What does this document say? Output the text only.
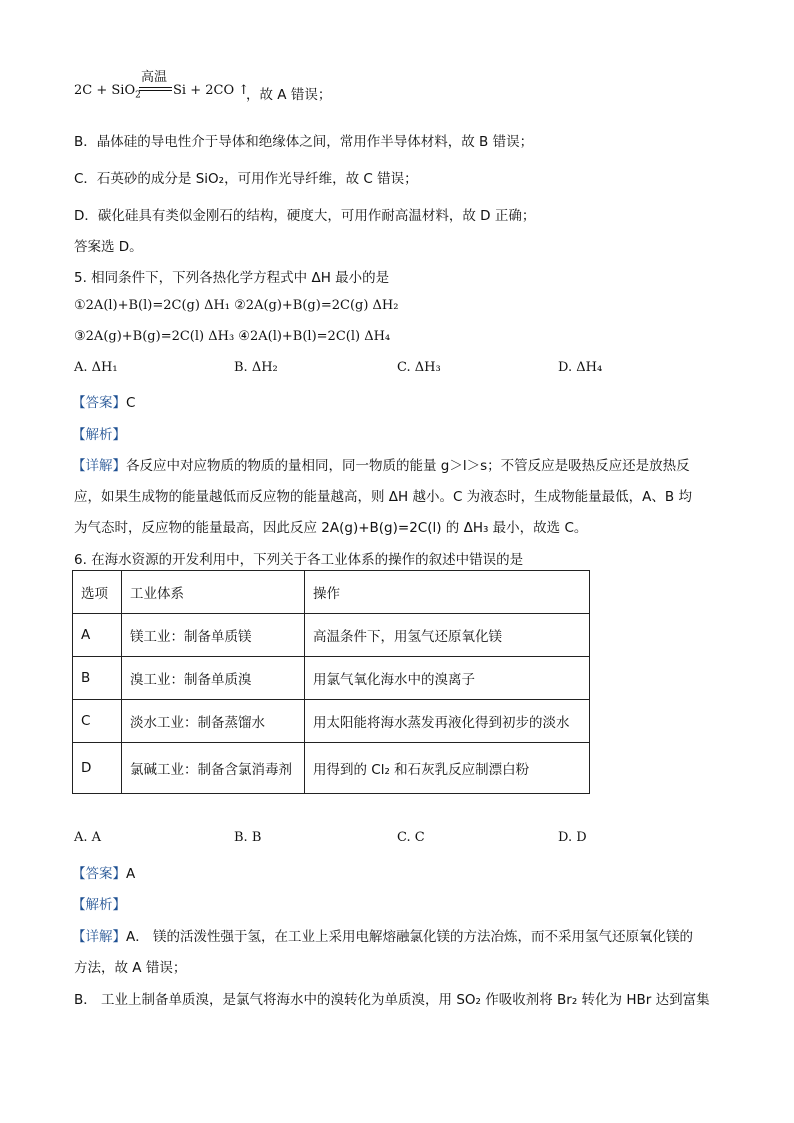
2C + SiO$_2$
高温
Si + 2CO ↑
，故 A 错误；
B．晶体硅的导电性介于导体和绝缘体之间，常用作半导体材料，故 B 错误；
C．石英砂的成分是 SiO₂，可用作光导纤维，故 C 错误；
D．碳化硅具有类似金刚石的结构，硬度大，可用作耐高温材料，故 D 正确；
答案选 D。
5. 相同条件下，下列各热化学方程式中 ΔH 最小的是
①2A(l)+B(l)=2C(g) ΔH₁ ②2A(g)+B(g)=2C(g) ΔH₂
③2A(g)+B(g)=2C(l) ΔH₃ ④2A(l)+B(l)=2C(l) ΔH₄
A. ΔH₁	B. ΔH₂	C. ΔH₃	D. ΔH₄
【答案】C
【解析】
【详解】各反应中对应物质的物质的量相同，同一物质的能量 g＞l＞s；不管反应是吸热反应还是放热反
应，如果生成物的能量越低而反应物的能量越高，则 ΔH 越小。C 为液态时，生成物能量最低，A、B 均
为气态时，反应物的能量最高，因此反应 2A(g)+B(g)=2C(l) 的 ΔH₃ 最小，故选 C。
6. 在海水资源的开发利用中，下列关于各工业体系的操作的叙述中错误的是
选项	工业体系	操作
A	镁工业：制备单质镁	高温条件下，用氢气还原氧化镁
B	溴工业：制备单质溴	用氯气氧化海水中的溴离子
C	淡水工业：制备蒸馏水	用太阳能将海水蒸发再液化得到初步的淡水
D	氯碱工业：制备含氯消毒剂	用得到的 Cl₂ 和石灰乳反应制漂白粉
A. A	B. B	C. C	D. D
【答案】A
【解析】
【详解】A． 镁的活泼性强于氢，在工业上采用电解熔融氯化镁的方法冶炼，而不采用氢气还原氧化镁的
方法，故 A 错误；
B． 工业上制备单质溴，是氯气将海水中的溴转化为单质溴，用 SO₂ 作吸收剂将 Br₂ 转化为 HBr 达到富集
